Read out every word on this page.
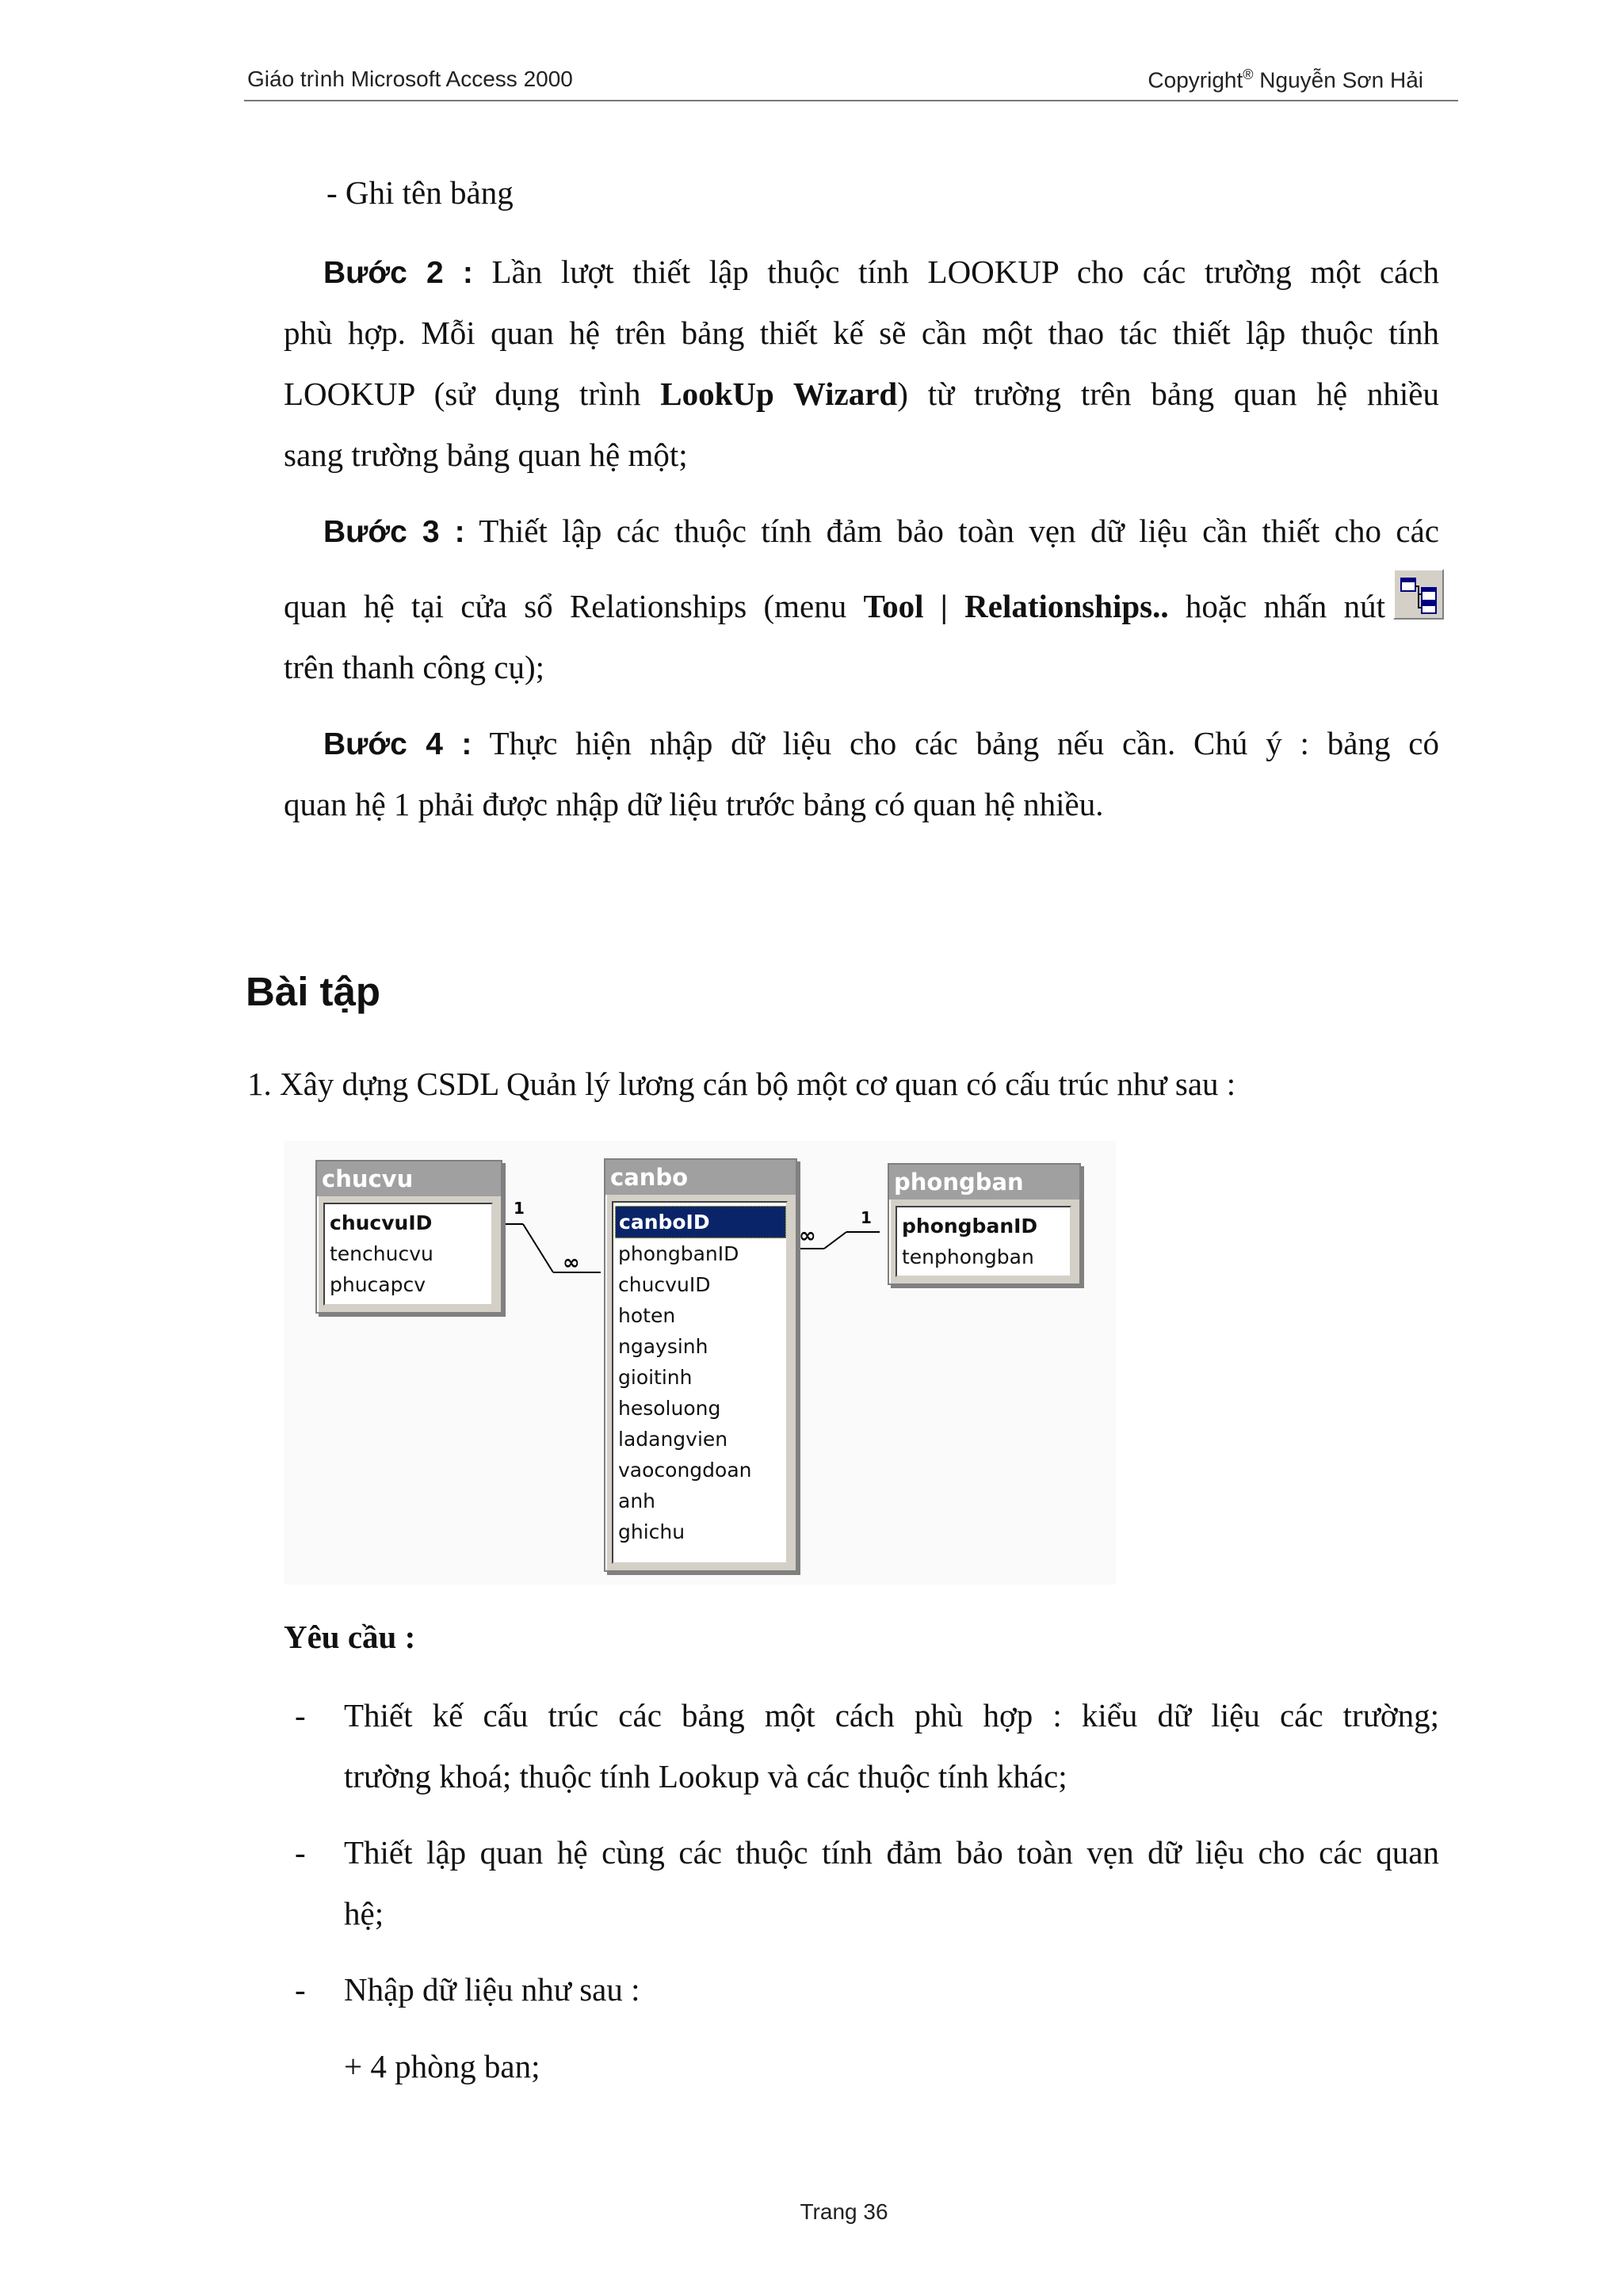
Giáo trình Microsoft Access 2000	Copyright® Nguyễn Sơn Hải
- Ghi tên bảng
Bước 2 : Lần lượt thiết lập thuộc tính LOOKUP cho các trường một cách
phù hợp. Mỗi quan hệ trên bảng thiết kế sẽ cần một thao tác thiết lập thuộc tính
LOOKUP (sử dụng trình LookUp Wizard) từ trường trên bảng quan hệ nhiều
sang trường bảng quan hệ một;
Bước 3 : Thiết lập các thuộc tính đảm bảo toàn vẹn dữ liệu cần thiết cho các
quan hệ tại cửa sổ Relationships (menu Tool | Relationships.. hoặc nhấn nút
trên thanh công cụ);
Bước 4 : Thực hiện nhập dữ liệu cho các bảng nếu cần. Chú ý : bảng có
quan hệ 1 phải được nhập dữ liệu trước bảng có quan hệ nhiều.
Bài tập
1. Xây dựng CSDL Quản lý lương cán bộ một cơ quan có cấu trúc như sau :
1
∞
∞
1
chucvu
chucvuID
tenchucvu
phucapcv
canbo
canboID
phongbanID
chucvuID
hoten
ngaysinh
gioitinh
hesoluong
ladangvien
vaocongdoan
anh
ghichu
phongban
phongbanID
tenphongban
Yêu cầu :
- Thiết kế cấu trúc các bảng một cách phù hợp : kiểu dữ liệu các trường;
trường khoá; thuộc tính Lookup và các thuộc tính khác;
- Thiết lập quan hệ cùng các thuộc tính đảm bảo toàn vẹn dữ liệu cho các quan
hệ;
- Nhập dữ liệu như sau :
+ 4 phòng ban;
Trang 36
